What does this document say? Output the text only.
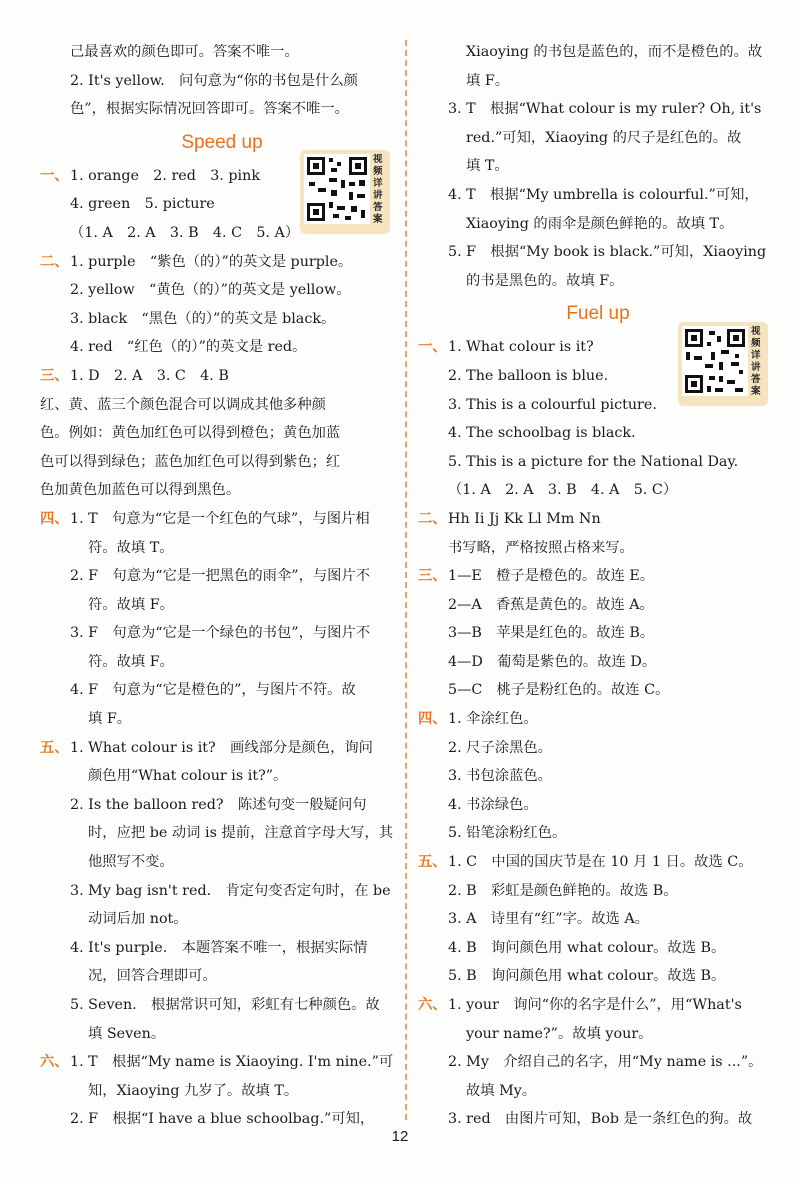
己最喜欢的颜色即可。答案不唯一。
2. It's yellow.　问句意为“你的书包是什么颜
色”，根据实际情况回答即可。答案不唯一。
Speed up
一、1. orange　2. red　3. pink
4. green　5. picture
（1. A　2. A　3. B　4. C　5. A）
二、1. purple　“紫色（的）”的英文是 purple。
2. yellow　“黄色（的）”的英文是 yellow。
3. black　“黑色（的）”的英文是 black。
4. red　“红色（的）”的英文是 red。
三、1. D　2. A　3. C　4. B
红、黄、蓝三个颜色混合可以调成其他多种颜
色。例如：黄色加红色可以得到橙色；黄色加蓝
色可以得到绿色；蓝色加红色可以得到紫色；红
色加黄色加蓝色可以得到黑色。
四、1. T　句意为“它是一个红色的气球”，与图片相
符。故填 T。
2. F　句意为“它是一把黑色的雨伞”，与图片不
符。故填 F。
3. F　句意为“它是一个绿色的书包”，与图片不
符。故填 F。
4. F　句意为“它是橙色的”，与图片不符。故
填 F。
五、1. What colour is it?　画线部分是颜色，询问
颜色用“What colour is it?”。
2. Is the balloon red?　陈述句变一般疑问句
时，应把 be 动词 is 提前，注意首字母大写，其
他照写不变。
3. My bag isn't red.　肯定句变否定句时，在 be
动词后加 not。
4. It's purple.　本题答案不唯一，根据实际情
况，回答合理即可。
5. Seven.　根据常识可知，彩虹有七种颜色。故
填 Seven。
六、1. T　根据“My name is Xiaoying. I'm nine.”可
知，Xiaoying 九岁了。故填 T。
2. F　根据“I have a blue schoolbag.”可知，
Xiaoying 的书包是蓝色的，而不是橙色的。故
填 F。
3. T　根据“What colour is my ruler? Oh, it's
red.”可知，Xiaoying 的尺子是红色的。故
填 T。
4. T　根据“My umbrella is colourful.”可知，
Xiaoying 的雨伞是颜色鲜艳的。故填 T。
5. F　根据“My book is black.”可知，Xiaoying
的书是黑色的。故填 F。
Fuel up
一、1. What colour is it?
2. The balloon is blue.
3. This is a colourful picture.
4. The schoolbag is black.
5. This is a picture for the National Day.
（1. A　2. A　3. B　4. A　5. C）
二、Hh Ii Jj Kk Ll Mm Nn
书写略，严格按照占格来写。
三、1—E　橙子是橙色的。故连 E。
2—A　香蕉是黄色的。故连 A。
3—B　苹果是红色的。故连 B。
4—D　葡萄是紫色的。故连 D。
5—C　桃子是粉红色的。故连 C。
四、1. 伞涂红色。
2. 尺子涂黑色。
3. 书包涂蓝色。
4. 书涂绿色。
5. 铅笔涂粉红色。
五、1. C　中国的国庆节是在 10 月 1 日。故选 C。
2. B　彩虹是颜色鲜艳的。故选 B。
3. A　诗里有“红”字。故选 A。
4. B　询问颜色用 what colour。故选 B。
5. B　询问颜色用 what colour。故选 B。
六、1. your　询问“你的名字是什么”，用“What's
your name?”。故填 your。
2. My　介绍自己的名字，用“My name is ...”。
故填 My。
3. red　由图片可知，Bob 是一条红色的狗。故
视频详讲答案
视频详讲答案
12
